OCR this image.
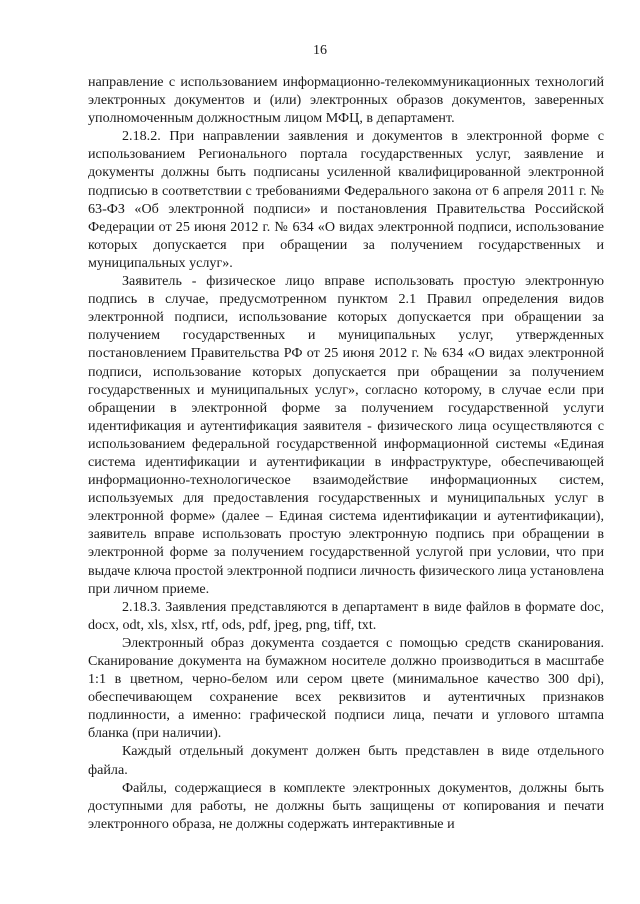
16

направление с использованием информационно-телекоммуникационных технологий электронных документов и (или) электронных образов документов, заверенных уполномоченным должностным лицом МФЦ, в департамент.

2.18.2. При направлении заявления и документов в электронной форме с использованием Регионального портала государственных услуг, заявление и документы должны быть подписаны усиленной квалифицированной электронной подписью в соответствии с требованиями Федерального закона от 6 апреля 2011 г. № 63-ФЗ «Об электронной подписи» и постановления Правительства Российской Федерации от 25 июня 2012 г. № 634 «О видах электронной подписи, использование которых допускается при обращении за получением государственных и муниципальных услуг».

Заявитель - физическое лицо вправе использовать простую электронную подпись в случае, предусмотренном пунктом 2.1 Правил определения видов электронной подписи, использование которых допускается при обращении за получением государственных и муниципальных услуг, утвержденных постановлением Правительства РФ от 25 июня 2012 г. № 634 «О видах электронной подписи, использование которых допускается при обращении за получением государственных и муниципальных услуг», согласно которому, в случае если при обращении в электронной форме за получением государственной услуги идентификация и аутентификация заявителя - физического лица осуществляются с использованием федеральной государственной информационной системы «Единая система идентификации и аутентификации в инфраструктуре, обеспечивающей информационно-технологическое взаимодействие информационных систем, используемых для предоставления государственных и муниципальных услуг в электронной форме» (далее – Единая система идентификации и аутентификации), заявитель вправе использовать простую электронную подпись при обращении в электронной форме за получением государственной услугой при условии, что при выдаче ключа простой электронной подписи личность физического лица установлена при личном приеме.

2.18.3. Заявления представляются в департамент в виде файлов в формате doc, docx, odt, xls, xlsx, rtf, ods, pdf, jpeg, png, tiff, txt.

Электронный образ документа создается с помощью средств сканирования. Сканирование документа на бумажном носителе должно производиться в масштабе 1:1 в цветном, черно-белом или сером цвете (минимальное качество 300 dpi), обеспечивающем сохранение всех реквизитов и аутентичных признаков подлинности, а именно: графической подписи лица, печати и углового штампа бланка (при наличии).

Каждый отдельный документ должен быть представлен в виде отдельного файла.

Файлы, содержащиеся в комплекте электронных документов, должны быть доступными для работы, не должны быть защищены от копирования и печати электронного образа, не должны содержать интерактивные и
